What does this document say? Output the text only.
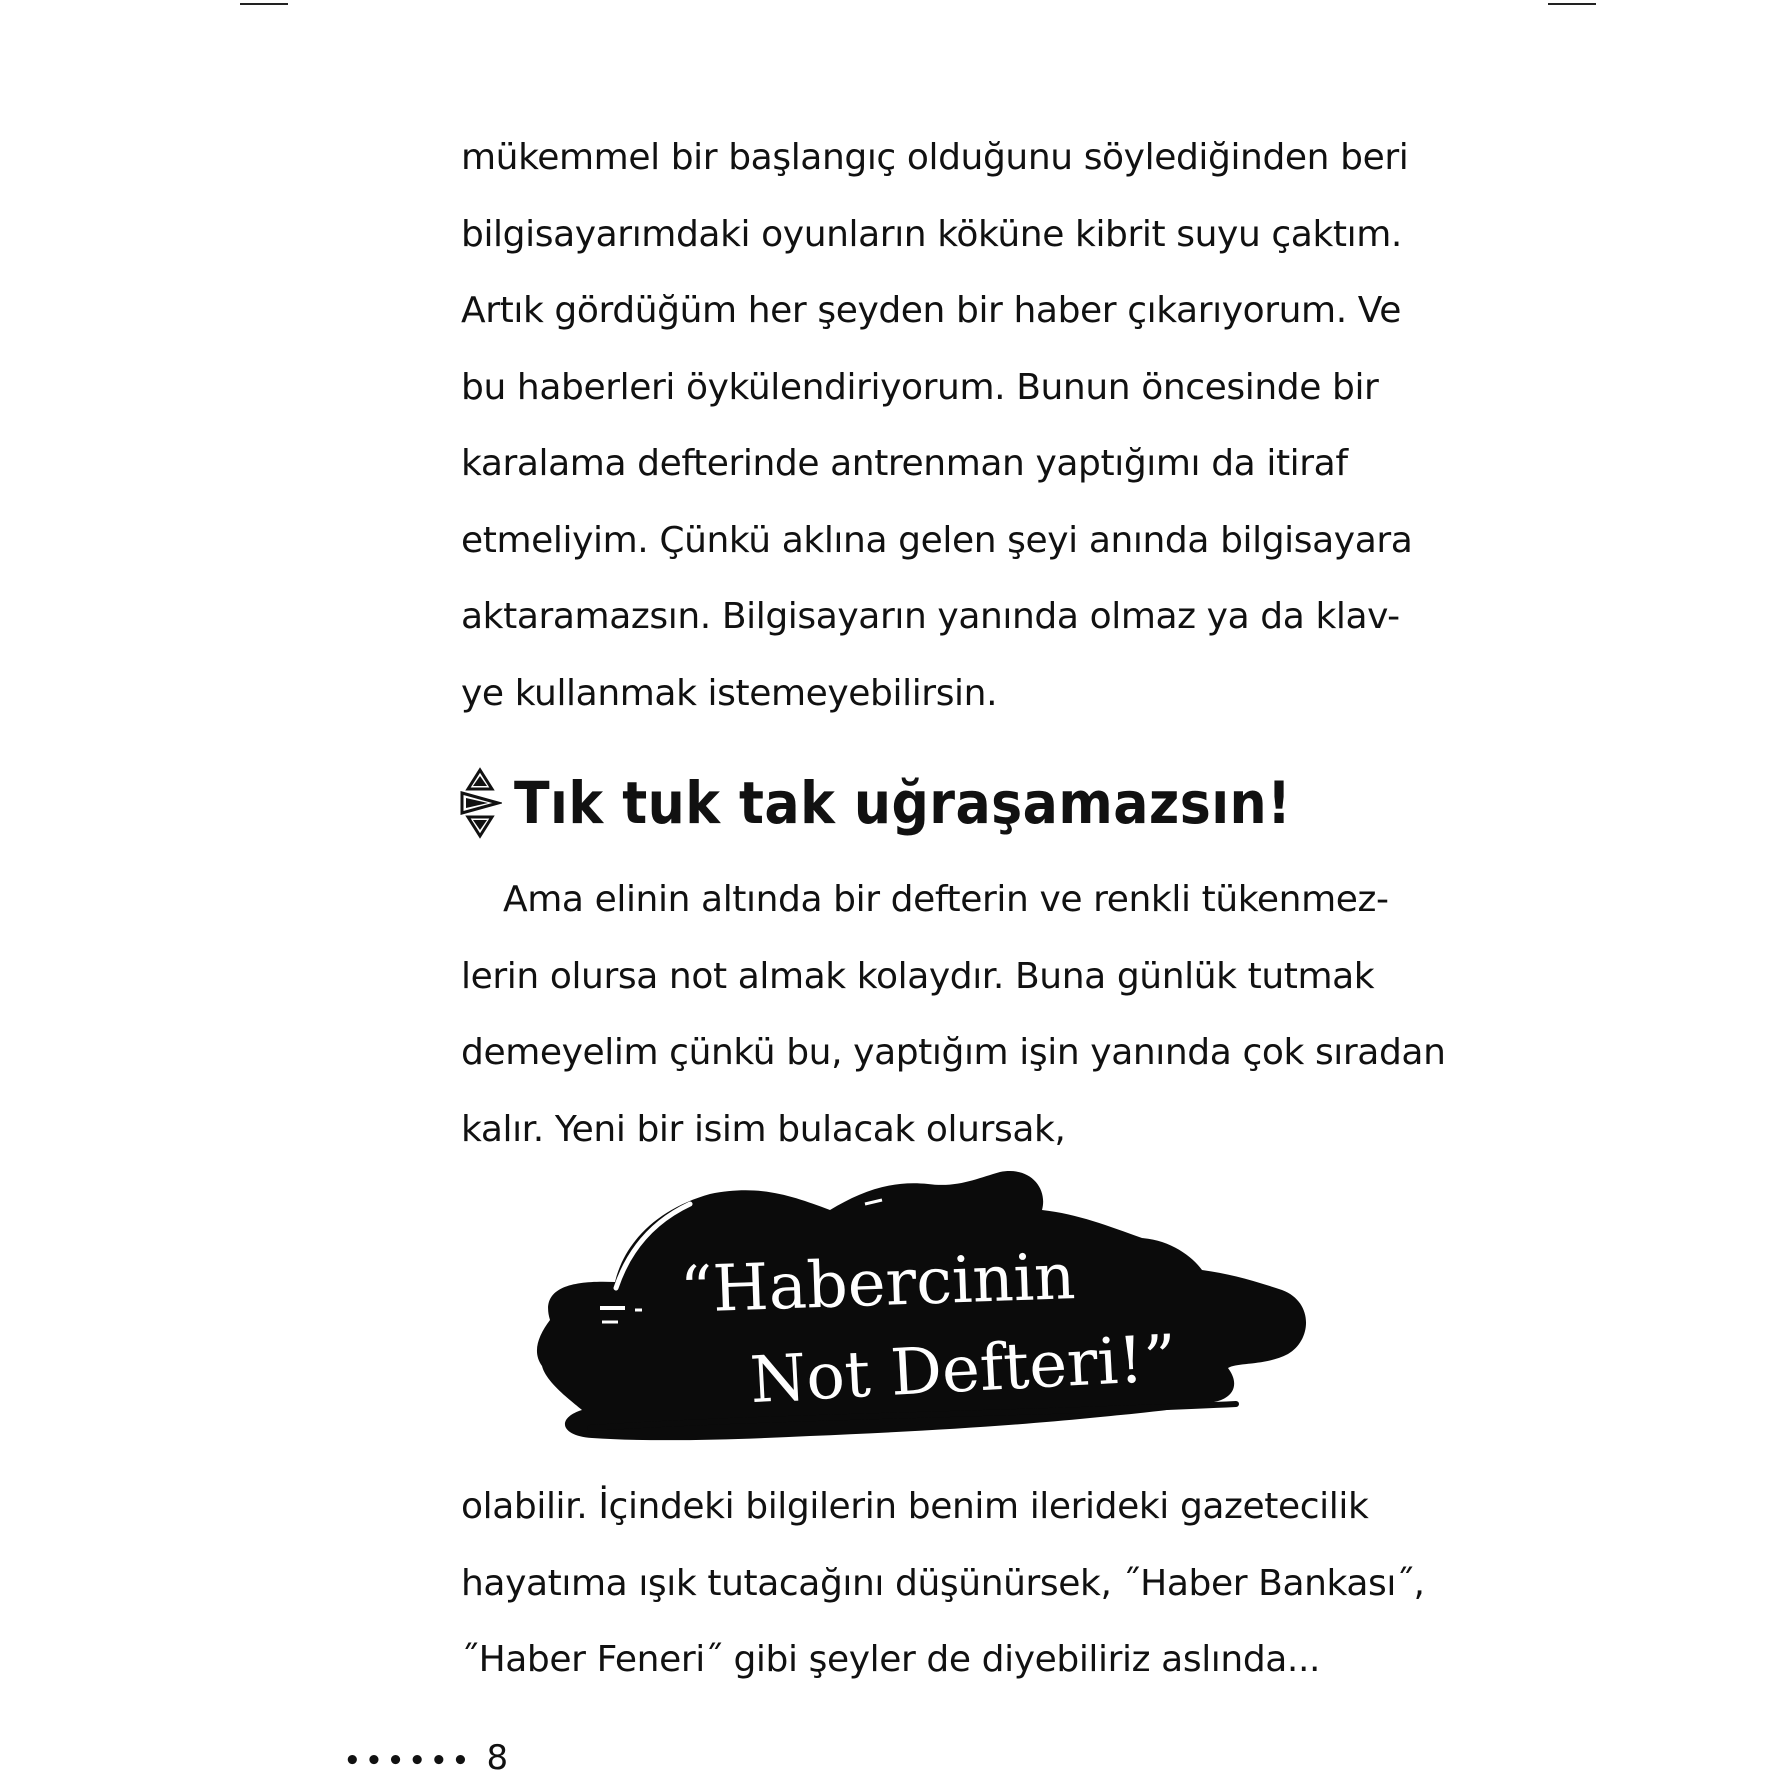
mükemmel bir başlangıç olduğunu söylediğinden beri
bilgisayarımdaki oyunların köküne kibrit suyu çaktım.
Artık gördüğüm her şeyden bir haber çıkarıyorum. Ve
bu haberleri öykülendiriyorum. Bunun öncesinde bir
karalama defterinde antrenman yaptığımı da itiraf
etmeliyim. Çünkü aklına gelen şeyi anında bilgisayara
aktaramazsın. Bilgisayarın yanında olmaz ya da klav-
ye kullanmak istemeyebilirsin.

Tık tuk tak uğraşamazsın!

Ama elinin altında bir defterin ve renkli tükenmez-
lerin olursa not almak kolaydır. Buna günlük tutmak
demeyelim çünkü bu, yaptığım işin yanında çok sıradan
kalır. Yeni bir isim bulacak olursak,

“Habercinin
Not Defteri!”

olabilir. İçindeki bilgilerin benim ilerideki gazetecilik
hayatıma ışık tutacağını düşünürsek, ˝Haber Bankası˝,
˝Haber Feneri˝ gibi şeyler de diyebiliriz aslında...

•••••• 8
